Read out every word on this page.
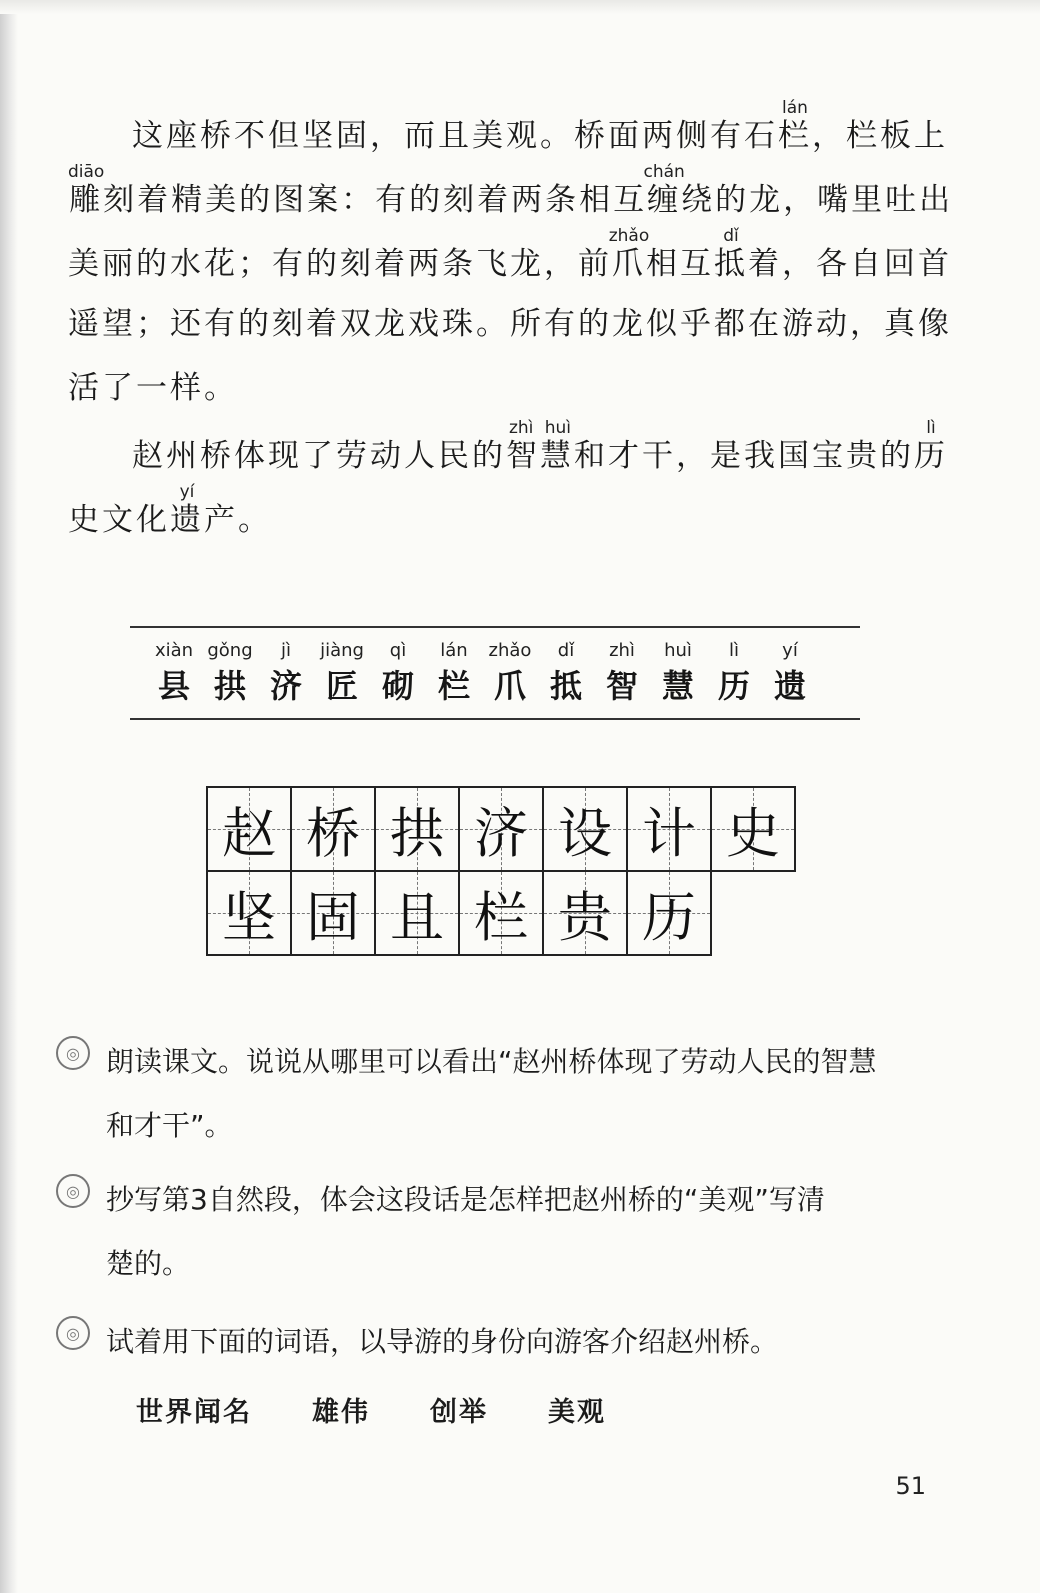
这座桥不但坚固，而且美观。桥面两侧有石栏lán，栏板上
雕diāo刻着精美的图案：有的刻着两条相互缠chán绕的龙，嘴里吐出
美丽的水花；有的刻着两条飞龙，前爪zhǎo相互抵dǐ着，各自回首
遥望；还有的刻着双龙戏珠。所有的龙似乎都在游动，真像
活了一样。
赵州桥体现了劳动人民的智慧zhì huì和才干，是我国宝贵的历lì
史文化遗yí产。
xiàn
县
gǒng
拱
jì
济
jiàng
匠
qì
砌
lán
栏
zhǎo
爪
dǐ
抵
zhì
智
huì
慧
lì
历
yí
遗
赵 桥 拱 济 设 计 史
坚 固 且 栏 贵 历
◎ 朗读课文。说说从哪里可以看出“赵州桥体现了劳动人民的智慧
和才干”。
◎ 抄写第3自然段，体会这段话是怎样把赵州桥的“美观”写清
楚的。
◎ 试着用下面的词语，以导游的身份向游客介绍赵州桥。
世界闻名 雄伟 创举 美观
51
